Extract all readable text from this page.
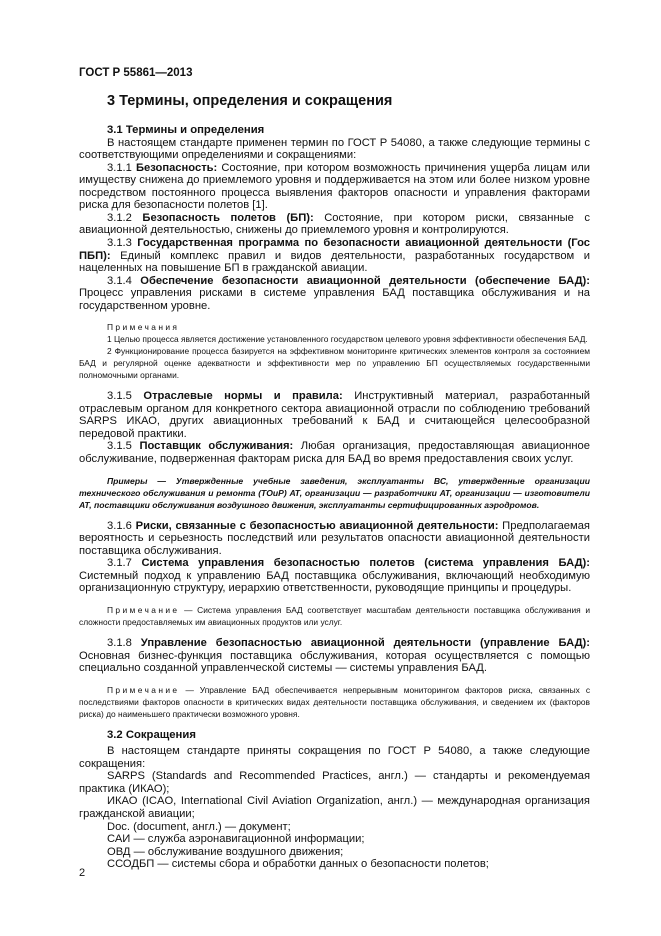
ГОСТ Р 55861—2013
3 Термины, определения и сокращения
3.1 Термины и определения

В настоящем стандарте применен термин по ГОСТ Р 54080, а также следующие термины с соответствующими определениями и сокращениями:

3.1.1 Безопасность: Состояние, при котором возможность причинения ущерба лицам или имуществу снижена до приемлемого уровня и поддерживается на этом или более низком уровне посредством постоянного процесса выявления факторов опасности и управления факторами риска для безопасности полетов [1].

3.1.2 Безопасность полетов (БП): Состояние, при котором риски, связанные с авиационной деятельностью, снижены до приемлемого уровня и контролируются.

3.1.3 Государственная программа по безопасности авиационной деятельности (Гос ПБП): Единый комплекс правил и видов деятельности, разработанных государством и нацеленных на повышение БП в гражданской авиации.

3.1.4 Обеспечение безопасности авиационной деятельности (обеспечение БАД): Процесс управления рисками в системе управления БАД поставщика обслуживания и на государственном уровне.

Примечания

1 Целью процесса является достижение установленного государством целевого уровня эффективности обеспечения БАД.

2 Функционирование процесса базируется на эффективном мониторинге критических элементов контроля за состоянием БАД и регулярной оценке адекватности и эффективности мер по управлению БП осуществляемых государственными полномочными органами.

3.1.5 Отраслевые нормы и правила: Инструктивный материал, разработанный отраслевым органом для конкретного сектора авиационной отрасли по соблюдению требований SARPS ИКАО, других авиационных требований к БАД и считающейся целесообразной передовой практики.

3.1.5 Поставщик обслуживания: Любая организация, предоставляющая авиационное обслуживание, подверженная факторам риска для БАД во время предоставления своих услуг.

Примеры — Утвержденные учебные заведения, эксплуатанты ВС, утвержденные организации технического обслуживания и ремонта (ТОиР) АТ, организации — разработчики АТ, организации — изготовители АТ, поставщики обслуживания воздушного движения, эксплуатанты сертифицированных аэродромов.

3.1.6 Риски, связанные с безопасностью авиационной деятельности: Предполагаемая вероятность и серьезность последствий или результатов опасности авиационной деятельности поставщика обслуживания.

3.1.7 Система управления безопасностью полетов (система управления БАД): Системный подход к управлению БАД поставщика обслуживания, включающий необходимую организационную структуру, иерархию ответственности, руководящие принципы и процедуры.

Примечание — Система управления БАД соответствует масштабам деятельности поставщика обслуживания и сложности предоставляемых им авиационных продуктов или услуг.

3.1.8 Управление безопасностью авиационной деятельности (управление БАД): Основная бизнес-функция поставщика обслуживания, которая осуществляется с помощью специально созданной управленческой системы — системы управления БАД.

Примечание — Управление БАД обеспечивается непрерывным мониторингом факторов риска, связанных с последствиями факторов опасности в критических видах деятельности поставщика обслуживания, и сведением их (факторов риска) до наименьшего практически возможного уровня.

3.2 Сокращения

В настоящем стандарте приняты сокращения по ГОСТ Р 54080, а также следующие сокращения:

SARPS (Standards and Recommended Practices, англ.) — стандарты и рекомендуемая практика (ИКАО);

ИКАО (ICAO, International Civil Aviation Organization, англ.) — международная организация гражданской авиации;

Doc. (document, англ.) — документ;

САИ — служба аэронавигационной информации;

ОВД — обслуживание воздушного движения;

ССОДБП — системы сбора и обработки данных о безопасности полетов;

2
